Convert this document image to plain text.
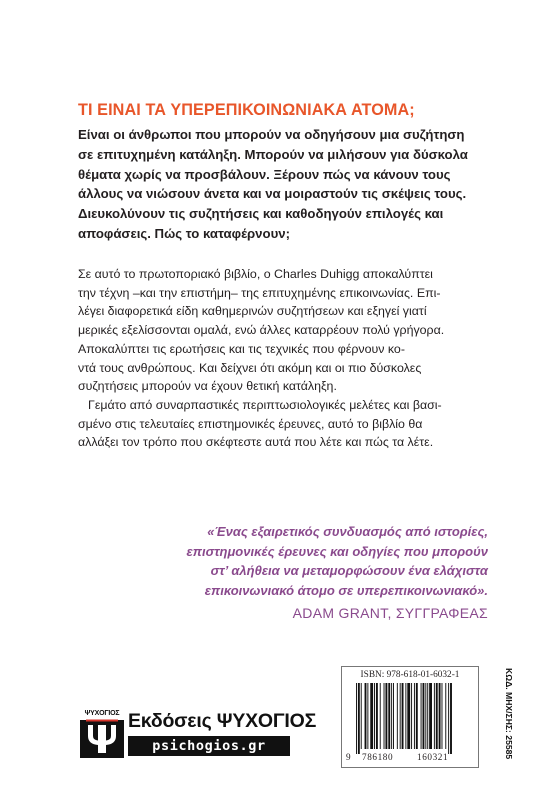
ΤΙ ΕΙΝΑΙ ΤΑ ΥΠΕΡΕΠΙΚΟΙΝΩΝΙΑΚΑ ΑΤΟΜΑ;
Είναι οι άνθρωποι που μπορούν να οδηγήσουν μια συζήτηση
σε επιτυχημένη κατάληξη. Μπορούν να μιλήσουν για δύσκολα
θέματα χωρίς να προσβάλουν. Ξέρουν πώς να κάνουν τους
άλλους να νιώσουν άνετα και να μοιραστούν τις σκέψεις τους.
Διευκολύνουν τις συζητήσεις και καθοδηγούν επιλογές και
αποφάσεις. Πώς το καταφέρνουν;
Σε αυτό το πρωτοποριακό βιβλίο, ο Charles Duhigg αποκαλύπτει
την τέχνη –και την επιστήμη– της επιτυχημένης επικοινωνίας. Επι-
λέγει διαφορετικά είδη καθημερινών συζητήσεων και εξηγεί γιατί
μερικές εξελίσσονται ομαλά, ενώ άλλες καταρρέουν πολύ γρήγορα.
Αποκαλύπτει τις ερωτήσεις και τις τεχνικές που φέρνουν κο-
ντά τους ανθρώπους. Και δείχνει ότι ακόμη και οι πιο δύσκολες
συζητήσεις μπορούν να έχουν θετική κατάληξη.
Γεμάτο από συναρπαστικές περιπτωσιολογικές μελέτες και βασι-
σμένο στις τελευταίες επιστημονικές έρευνες, αυτό το βιβλίο θα
αλλάξει τον τρόπο που σκέφτεστε αυτά που λέτε και πώς τα λέτε.
«Ένας εξαιρετικός συνδυασμός από ιστορίες,
επιστημονικές έρευνες και οδηγίες που μπορούν
στ’ αλήθεια να μεταμορφώσουν ένα ελάχιστα
επικοινωνιακό άτομο σε υπερεπικοινωνιακό».
ADAM GRANT, ΣΥΓΓΡΑΦΕΑΣ
ΨΥΧΟΓΙΟΣ Εκδόσεις ΨΥΧΟΓΙΟΣ
psichogios.gr
ISBN: 978-618-01-6032-1
9 786180	160321	ΚΩΔ. ΜΗΧ/ΣΗΣ: 25585
